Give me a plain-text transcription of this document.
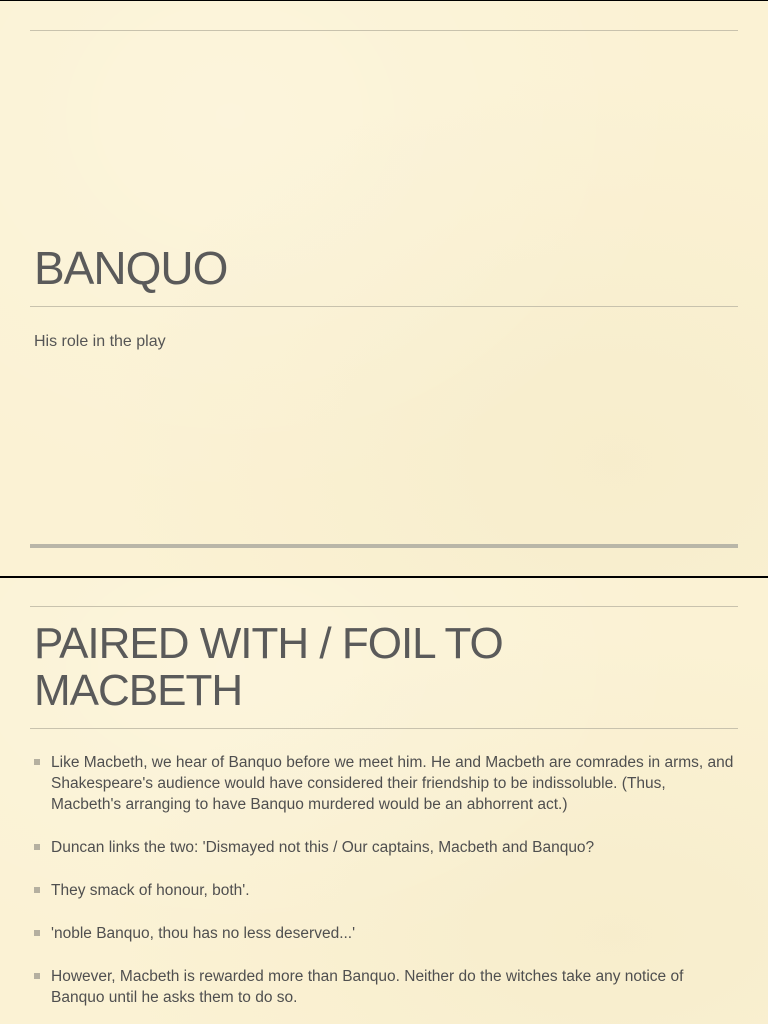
BANQUO
His role in the play
PAIRED WITH / FOIL TO
MACBETH
Like Macbeth, we hear of Banquo before we meet him. He and Macbeth are comrades in arms, and Shakespeare's audience would have considered their friendship to be indissoluble. (Thus, Macbeth's arranging to have Banquo murdered would be an abhorrent act.)
Duncan links the two: 'Dismayed not this / Our captains, Macbeth and Banquo?
They smack of honour, both'.
'noble Banquo, thou has no less deserved...'
However, Macbeth is rewarded more than Banquo. Neither do the witches take any notice of Banquo until he asks them to do so.
